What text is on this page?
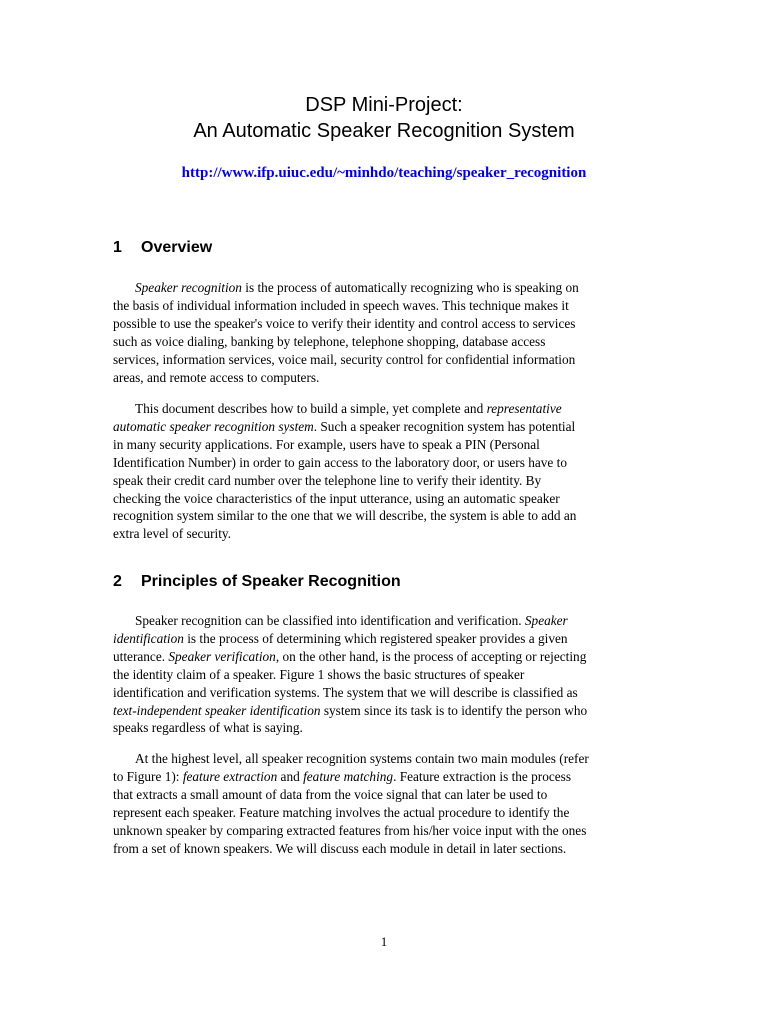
DSP Mini-Project:
An Automatic Speaker Recognition System
http://www.ifp.uiuc.edu/~minhdo/teaching/speaker_recognition
1 Overview

Speaker recognition is the process of automatically recognizing who is speaking on
the basis of individual information included in speech waves. This technique makes it
possible to use the speaker's voice to verify their identity and control access to services
such as voice dialing, banking by telephone, telephone shopping, database access
services, information services, voice mail, security control for confidential information
areas, and remote access to computers.

This document describes how to build a simple, yet complete and representative
automatic speaker recognition system. Such a speaker recognition system has potential
in many security applications. For example, users have to speak a PIN (Personal
Identification Number) in order to gain access to the laboratory door, or users have to
speak their credit card number over the telephone line to verify their identity. By
checking the voice characteristics of the input utterance, using an automatic speaker
recognition system similar to the one that we will describe, the system is able to add an
extra level of security.

2 Principles of Speaker Recognition

Speaker recognition can be classified into identification and verification. Speaker
identification is the process of determining which registered speaker provides a given
utterance. Speaker verification, on the other hand, is the process of accepting or rejecting
the identity claim of a speaker. Figure 1 shows the basic structures of speaker
identification and verification systems. The system that we will describe is classified as
text-independent speaker identification system since its task is to identify the person who
speaks regardless of what is saying.

At the highest level, all speaker recognition systems contain two main modules (refer
to Figure 1): feature extraction and feature matching. Feature extraction is the process
that extracts a small amount of data from the voice signal that can later be used to
represent each speaker. Feature matching involves the actual procedure to identify the
unknown speaker by comparing extracted features from his/her voice input with the ones
from a set of known speakers. We will discuss each module in detail in later sections.

1
